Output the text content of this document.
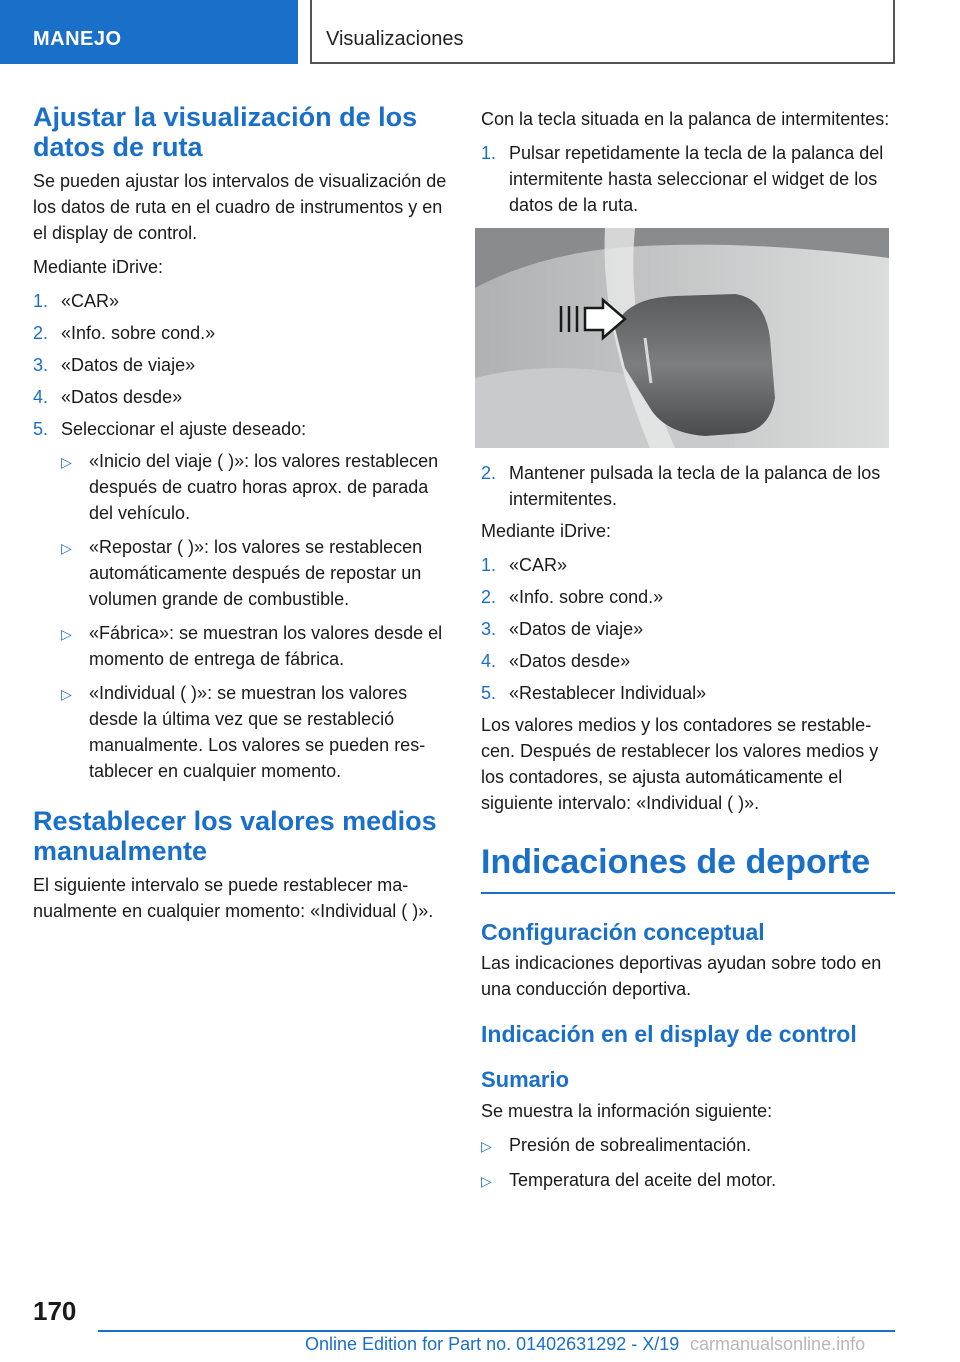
MANEJO	Visualizaciones
Ajustar la visualización de los datos de ruta

Se pueden ajustar los intervalos de visualización de los datos de ruta en el cuadro de instrumentos y en el display de control.

Mediante iDrive:

1. «CAR»
2. «Info. sobre cond.»
3. «Datos de viaje»
4. «Datos desde»
5. Seleccionar el ajuste deseado:
▷ «Inicio del viaje ( )»: los valores restablecen después de cuatro horas aprox. de parada del vehículo.
▷ «Repostar ( )»: los valores se restablecen automáticamente después de repostar un volumen grande de combustible.
▷ «Fábrica»: se muestran los valores desde el momento de entrega de fábrica.
▷ «Individual ( )»: se muestran los valores desde la última vez que se restableció manualmente. Los valores se pueden restablecer en cualquier momento.
Restablecer los valores medios manualmente

El siguiente intervalo se puede restablecer manualmente en cualquier momento: «Individual ( )».

Con la tecla situada en la palanca de intermitentes:

1. Pulsar repetidamente la tecla de la palanca del intermitente hasta seleccionar el widget de los datos de la ruta.
2. Mantener pulsada la tecla de la palanca de los intermitentes.

Mediante iDrive:

1. «CAR»
2. «Info. sobre cond.»
3. «Datos de viaje»
4. «Datos desde»
5. «Restablecer Individual»

Los valores medios y los contadores se restablecen. Después de restablecer los valores medios y los contadores, se ajusta automáticamente el siguiente intervalo: «Individual ( )».

Indicaciones de deporte
Configuración conceptual

Las indicaciones deportivas ayudan sobre todo en una conducción deportiva.

Indicación en el display de control
Sumario

Se muestra la información siguiente:

▷ Presión de sobrealimentación.
▷ Temperatura del aceite del motor.
170
Online Edition for Part no. 01402631292 - X/19 carmanualsonline.info
